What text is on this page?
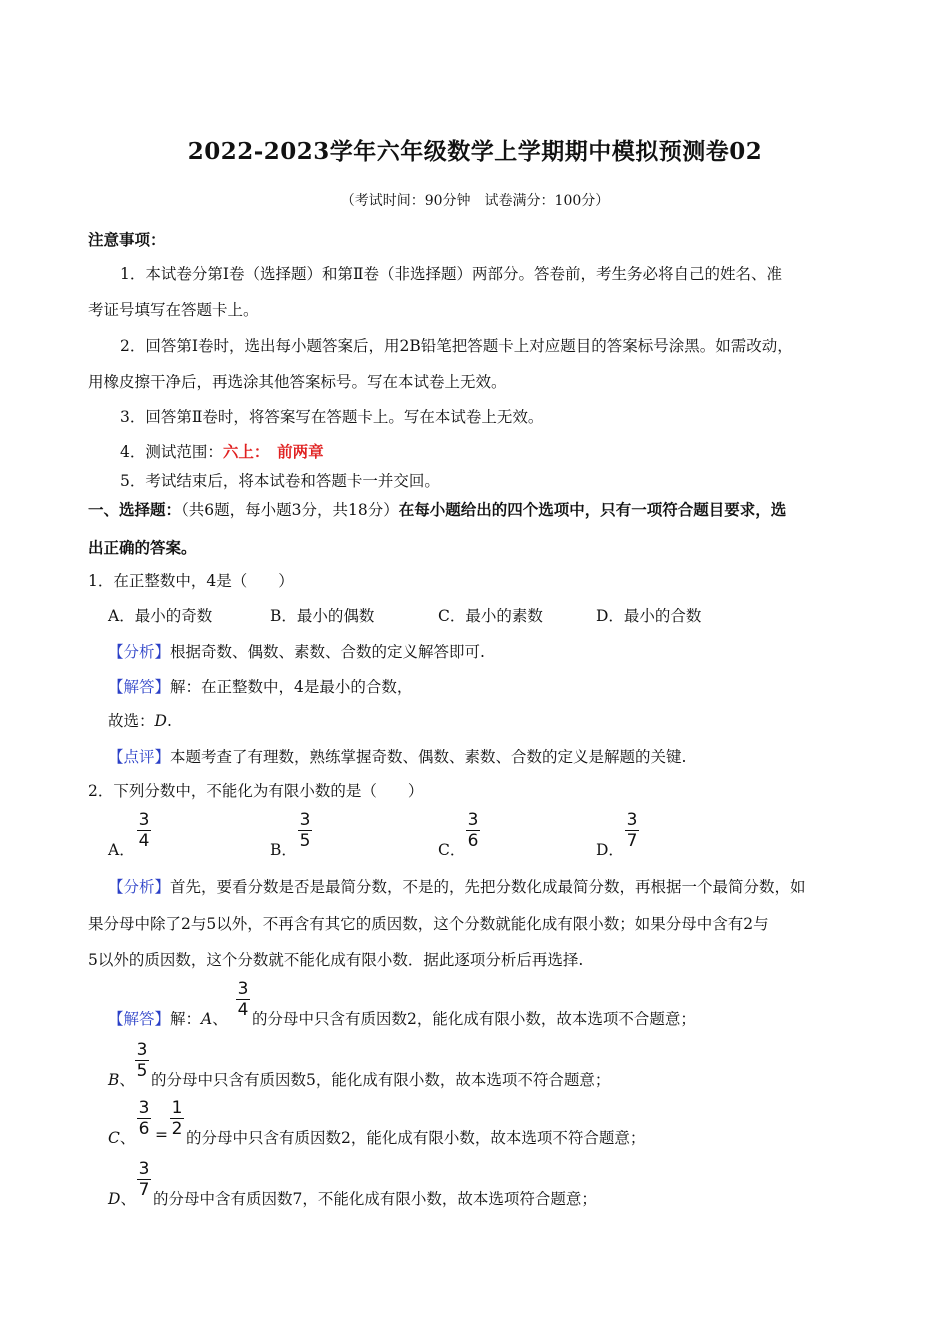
2022-2023学年六年级数学上学期期中模拟预测卷02
（考试时间：90分钟　试卷满分：100分）
注意事项：
1．本试卷分第Ⅰ卷（选择题）和第Ⅱ卷（非选择题）两部分。答卷前，考生务必将自己的姓名、准
考证号填写在答题卡上。
2．回答第Ⅰ卷时，选出每小题答案后，用2B铅笔把答题卡上对应题目的答案标号涂黑。如需改动，
用橡皮擦干净后，再选涂其他答案标号。写在本试卷上无效。
3．回答第Ⅱ卷时，将答案写在答题卡上。写在本试卷上无效。
4．测试范围：六上：　前两章
5．考试结束后，将本试卷和答题卡一并交回。
一、选择题：（共6题，每小题3分，共18分）在每小题给出的四个选项中，只有一项符合题目要求，选
出正确的答案。
1．在正整数中，4是（　　）
A．最小的奇数	B．最小的偶数	C．最小的素数	D．最小的合数
【分析】根据奇数、偶数、素数、合数的定义解答即可.
【解答】解：在正整数中，4是最小的合数，
故选：D.
【点评】本题考查了有理数，熟练掌握奇数、偶数、素数、合数的定义是解题的关键.
2．下列分数中，不能化为有限小数的是（　　）
A．
3
4	B．
3
5	C．
3
6	D．
3
7
【分析】首先，要看分数是否是最简分数，不是的，先把分数化成最简分数，再根据一个最简分数，如
果分母中除了2与5以外，不再含有其它的质因数，这个分数就能化成有限小数；如果分母中含有2与
5以外的质因数，这个分数就不能化成有限小数．据此逐项分析后再选择.
【解答】解：A、
3
4 的分母中只含有质因数2，能化成有限小数，故本选项不合题意；
B、
3
5 的分母中只含有质因数5，能化成有限小数，故本选项不符合题意；
C、
3
6 =
1
2 的分母中只含有质因数2，能化成有限小数，故本选项不符合题意；
D、
3
7 的分母中含有质因数7，不能化成有限小数，故本选项符合题意；
